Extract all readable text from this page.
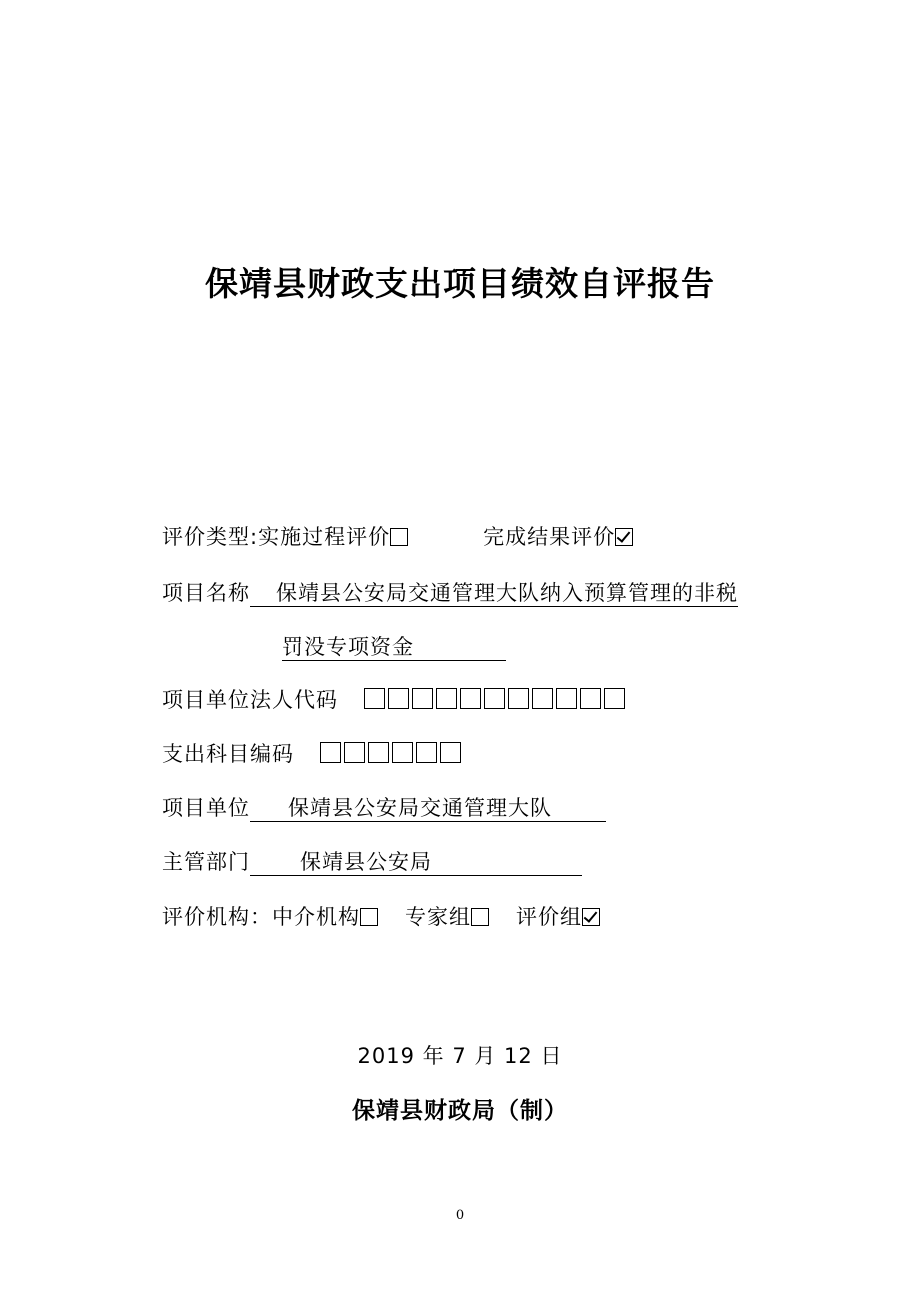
保靖县财政支出项目绩效自评报告
评价类型:实施过程评价	完成结果评价
项目名称 保靖县公安局交通管理大队纳入预算管理的非税
罚没专项资金
项目单位法人代码
支出科目编码
项目单位 保靖县公安局交通管理大队
主管部门 保靖县公安局
评价机构：中介机构 专家组 评价组
2019 年 7 月 12 日
保靖县财政局（制）
0
